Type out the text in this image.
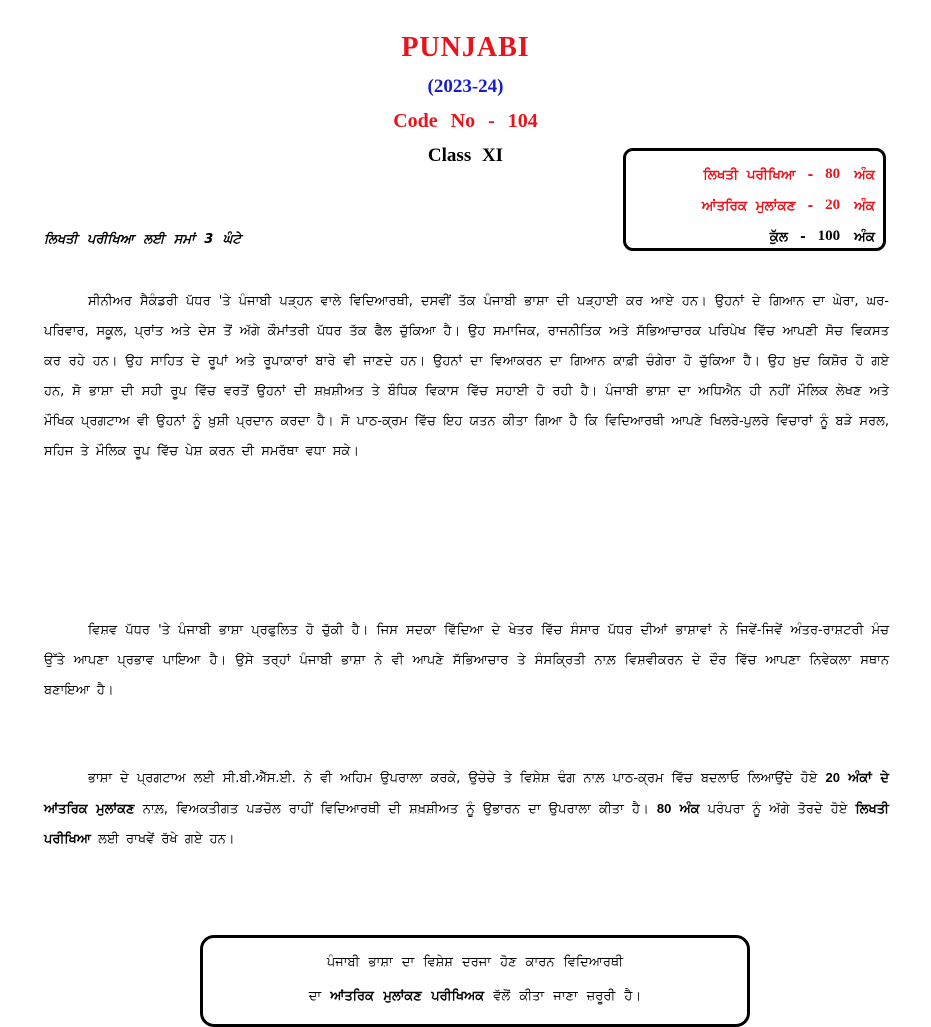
PUNJABI
(2023-24)
Code No - 104
Class XI
ਲਿਖਤੀ ਪਰੀਖਿਆ - 80 ਅੰਕ
ਆਂਤਰਿਕ ਮੁਲਾਂਕਣ - 20 ਅੰਕ
ਕੁੱਲ - 100 ਅੰਕ
ਲਿਖਤੀ ਪਰੀਖਿਆ ਲਈ ਸਮਾਂ 3 ਘੰਟੇ

ਸੀਨੀਅਰ ਸੈਕੰਡਰੀ ਪੱਧਰ 'ਤੇ ਪੰਜਾਬੀ ਪੜ੍ਹਨ ਵਾਲੇ ਵਿਦਿਆਰਥੀ, ਦਸਵੀਂ ਤੱਕ ਪੰਜਾਬੀ ਭਾਸ਼ਾ ਦੀ ਪੜ੍ਹਾਈ ਕਰ ਆਏ ਹਨ। ਉਹਨਾਂ ਦੇ ਗਿਆਨ ਦਾ ਘੇਰਾ, ਘਰ-ਪਰਿਵਾਰ, ਸਕੂਲ, ਪ੍ਰਾਂਤ ਅਤੇ ਦੇਸ ਤੋਂ ਅੱਗੇ ਕੌਮਾਂਤਰੀ ਪੱਧਰ ਤੱਕ ਫੈਲ ਚੁੱਕਿਆ ਹੈ। ਉਹ ਸਮਾਜਿਕ, ਰਾਜਨੀਤਿਕ ਅਤੇ ਸੱਭਿਆਚਾਰਕ ਪਰਿਪੇਖ ਵਿੱਚ ਆਪਣੀ ਸੋਚ ਵਿਕਸਤ ਕਰ ਰਹੇ ਹਨ। ਉਹ ਸਾਹਿਤ ਦੇ ਰੂਪਾਂ ਅਤੇ ਰੂਪਾਕਾਰਾਂ ਬਾਰੇ ਵੀ ਜਾਣਦੇ ਹਨ। ਉਹਨਾਂ ਦਾ ਵਿਆਕਰਨ ਦਾ ਗਿਆਨ ਕਾਫ਼ੀ ਚੰਗੇਰਾ ਹੋ ਚੁੱਕਿਆ ਹੈ। ਉਹ ਖ਼ੁਦ ਕਿਸ਼ੋਰ ਹੋ ਗਏ ਹਨ, ਸੋ ਭਾਸ਼ਾ ਦੀ ਸਹੀ ਰੂਪ ਵਿੱਚ ਵਰਤੋਂ ਉਹਨਾਂ ਦੀ ਸ਼ਖ਼ਸ਼ੀਅਤ ਤੇ ਬੌਧਿਕ ਵਿਕਾਸ ਵਿੱਚ ਸਹਾਈ ਹੋ ਰਹੀ ਹੈ। ਪੰਜਾਬੀ ਭਾਸ਼ਾ ਦਾ ਅਧਿਐਨ ਹੀ ਨਹੀਂ ਮੌਲਿਕ ਲੇਖਣ ਅਤੇ ਮੌਖਿਕ ਪ੍ਰਗਟਾਅ ਵੀ ਉਹਨਾਂ ਨੂੰ ਖ਼ੁਸ਼ੀ ਪ੍ਰਦਾਨ ਕਰਦਾ ਹੈ। ਸੋ ਪਾਠ-ਕ੍ਰਮ ਵਿੱਚ ਇਹ ਯਤਨ ਕੀਤਾ ਗਿਆ ਹੈ ਕਿ ਵਿਦਿਆਰਥੀ ਆਪਣੇ ਖਿਲਰੇ-ਪੁਲਰੇ ਵਿਚਾਰਾਂ ਨੂੰ ਬੜੇ ਸਰਲ, ਸਹਿਜ ਤੇ ਮੌਲਿਕ ਰੂਪ ਵਿੱਚ ਪੇਸ਼ ਕਰਨ ਦੀ ਸਮਰੱਥਾ ਵਧਾ ਸਕੇ।

ਵਿਸ਼ਵ ਪੱਧਰ 'ਤੇ ਪੰਜਾਬੀ ਭਾਸ਼ਾ ਪ੍ਰਫੁਲਿਤ ਹੋ ਚੁੱਕੀ ਹੈ। ਜਿਸ ਸਦਕਾ ਵਿੱਦਿਆ ਦੇ ਖੇਤਰ ਵਿੱਚ ਸੰਸਾਰ ਪੱਧਰ ਦੀਆਂ ਭਾਸ਼ਾਵਾਂ ਨੇ ਜਿਵੇਂ-ਜਿਵੇਂ ਅੰਤਰ-ਰਾਸ਼ਟਰੀ ਮੰਚ ਉੱਤੇ ਆਪਣਾ ਪ੍ਰਭਾਵ ਪਾਇਆ ਹੈ। ਉਸੇ ਤਰ੍ਹਾਂ ਪੰਜਾਬੀ ਭਾਸ਼ਾ ਨੇ ਵੀ ਆਪਣੇ ਸੱਭਿਆਚਾਰ ਤੇ ਸੰਸਕ੍ਰਿਤੀ ਨਾਲ਼ ਵਿਸ਼ਵੀਕਰਨ ਦੇ ਦੌਰ ਵਿੱਚ ਆਪਣਾ ਨਿਵੇਕਲਾ ਸਥਾਨ ਬਣਾਇਆ ਹੈ।

ਭਾਸ਼ਾ ਦੇ ਪ੍ਰਗਟਾਅ ਲਈ ਸੀ.ਬੀ.ਐੱਸ.ਈ. ਨੇ ਵੀ ਅਹਿਮ ਉਪਰਾਲਾ ਕਰਕੇ, ਉਚੇਚੇ ਤੇ ਵਿਸ਼ੇਸ਼ ਢੰਗ ਨਾਲ਼ ਪਾਠ-ਕ੍ਰਮ ਵਿੱਚ ਬਦਲਾਓ ਲਿਆਉਂਦੇ ਹੋਏ 20 ਅੰਕਾਂ ਦੇ ਆਂਤਰਿਕ ਮੁਲਾਂਕਣ ਨਾਲ਼, ਵਿਅਕਤੀਗਤ ਪੜਚੋਲ ਰਾਹੀਂ ਵਿਦਿਆਰਥੀ ਦੀ ਸ਼ਖ਼ਸ਼ੀਅਤ ਨੂੰ ਉਭਾਰਨ ਦਾ ਉਪਰਾਲਾ ਕੀਤਾ ਹੈ। 80 ਅੰਕ ਪਰੰਪਰਾ ਨੂੰ ਅੱਗੇ ਤੋਰਦੇ ਹੋਏ ਲਿਖਤੀ ਪਰੀਖਿਆ ਲਈ ਰਾਖਵੇਂ ਰੱਖੇ ਗਏ ਹਨ।

ਪੰਜਾਬੀ ਭਾਸ਼ਾ ਦਾ ਵਿਸ਼ੇਸ਼ ਦਰਜਾ ਹੋਣ ਕਾਰਨ ਵਿਦਿਆਰਥੀ
ਦਾ ਆਂਤਰਿਕ ਮੁਲਾਂਕਣ ਪਰੀਖਿਅਕ ਵੱਲੋਂ ਕੀਤਾ ਜਾਣਾ ਜ਼ਰੂਰੀ ਹੈ।
